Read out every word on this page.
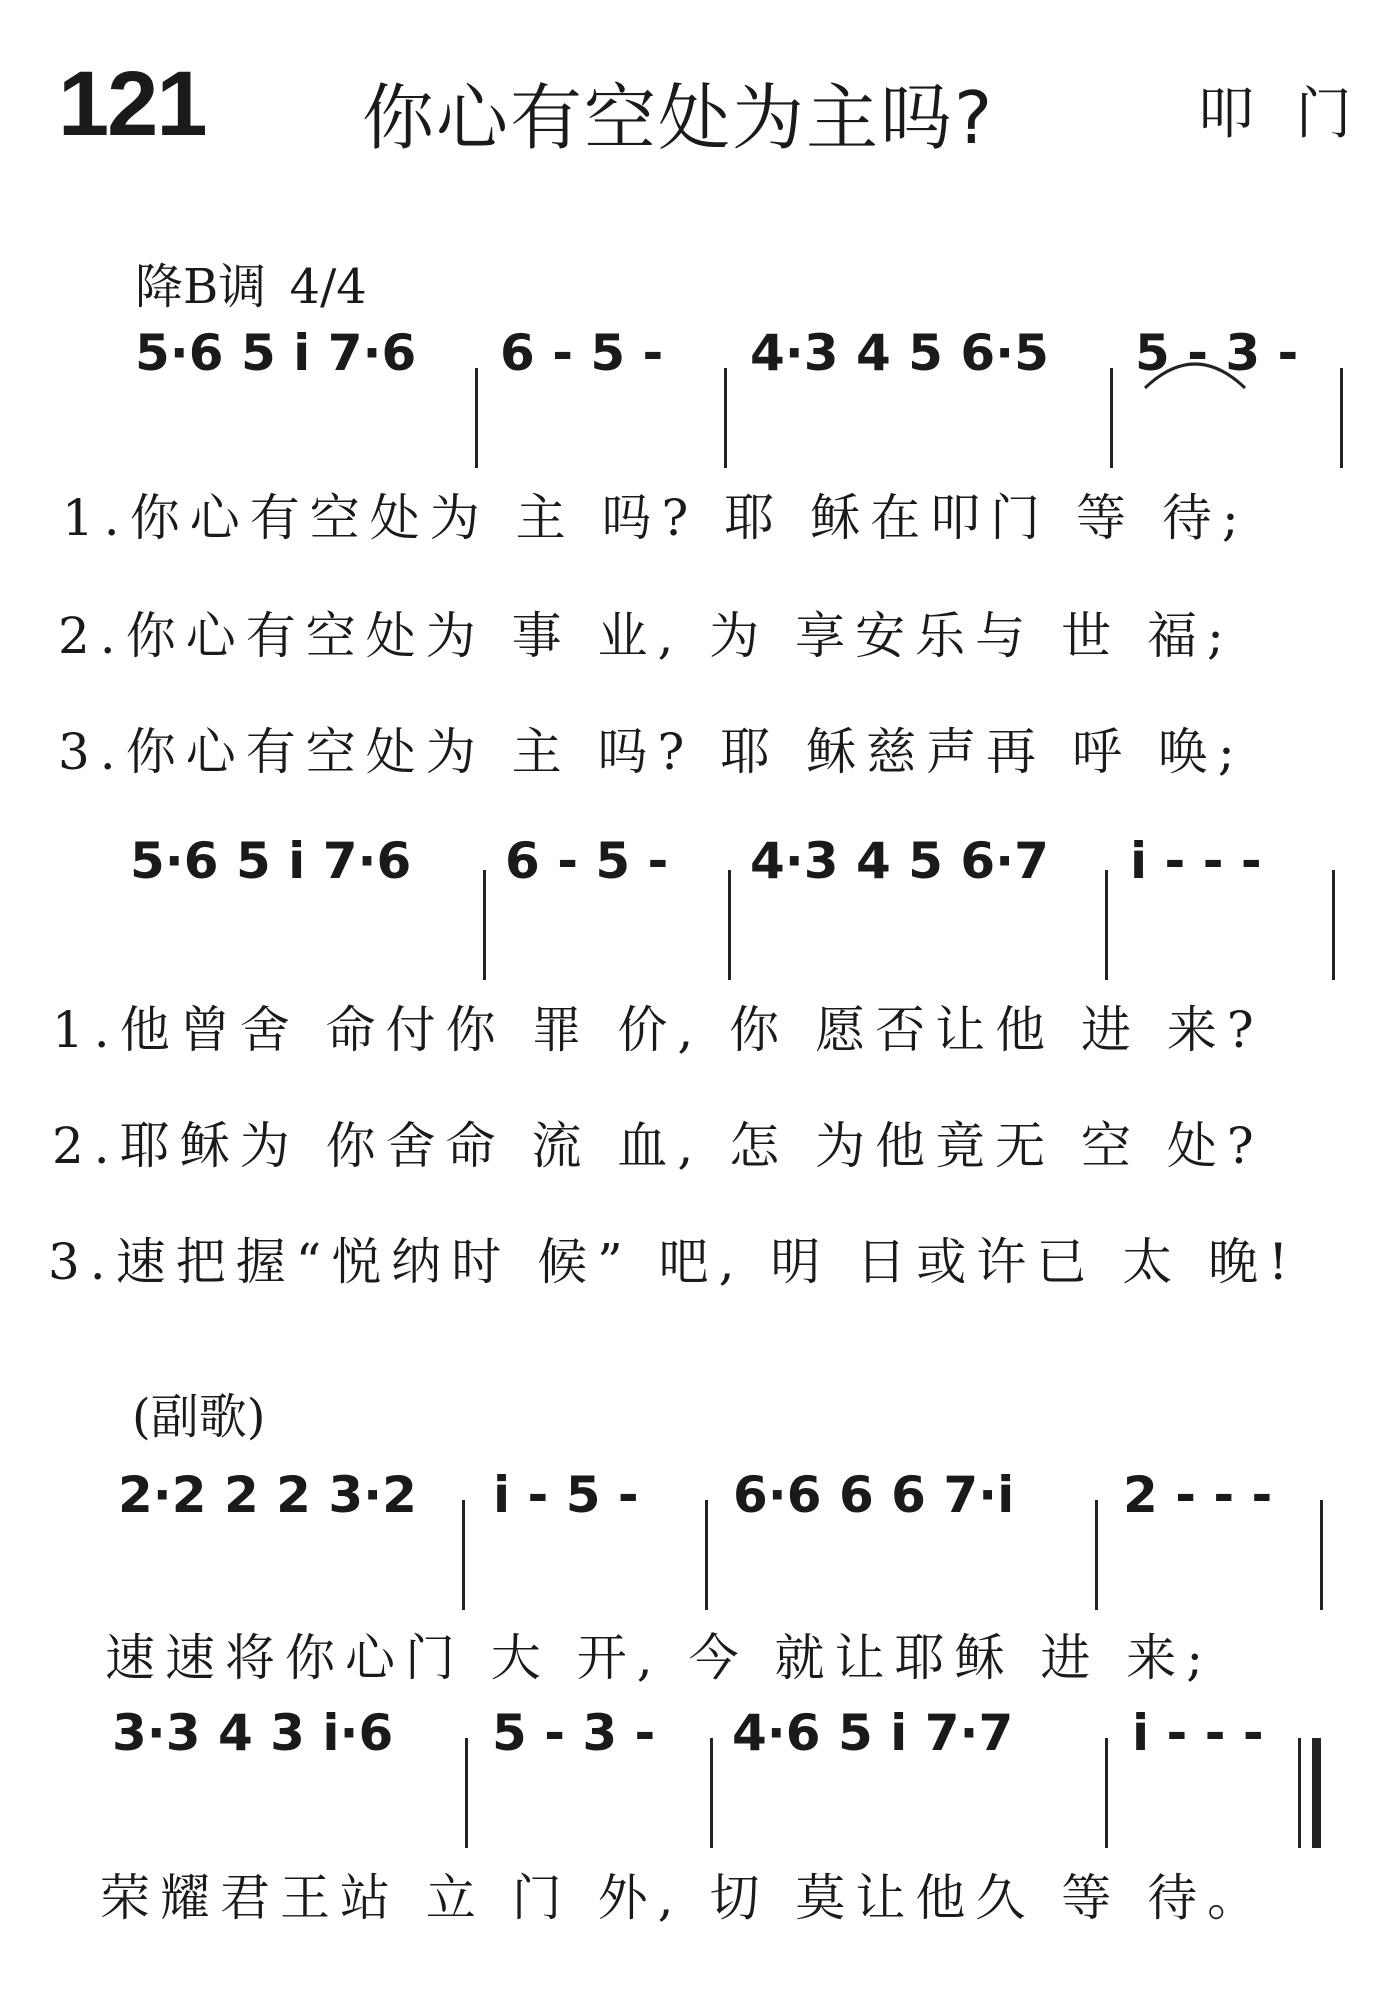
121 你心有空处为主吗?	叩 门
降B调 4/4
5·6 5 i 7·6 6 - 5 - 4·3 4 5 6·5 5 - 3 -
1.你心有空处为 主 吗? 耶 稣在叩门 等 待;
2.你心有空处为 事 业, 为 享安乐与 世 福;
3.你心有空处为 主 吗? 耶 稣慈声再 呼 唤;
5·6 5 i 7·6 6 - 5 - 4·3 4 5 6·7 i - - -
1.他曾舍 命付你 罪 价, 你 愿否让他 进 来?
2.耶稣为 你舍命 流 血, 怎 为他竟无 空 处?
3.速把握“悦纳时 候” 吧, 明 日或许已 太 晚!
(副歌)
2·2 2 2 3·2 i - 5 - 6·6 6 6 7·i 2 - - -
速速将你心门 大 开, 今 就让耶稣 进 来;
3·3 4 3 i·6 5 - 3 - 4·6 5 i 7·7 i - - -
荣耀君王站 立 门 外, 切 莫让他久 等 待。
